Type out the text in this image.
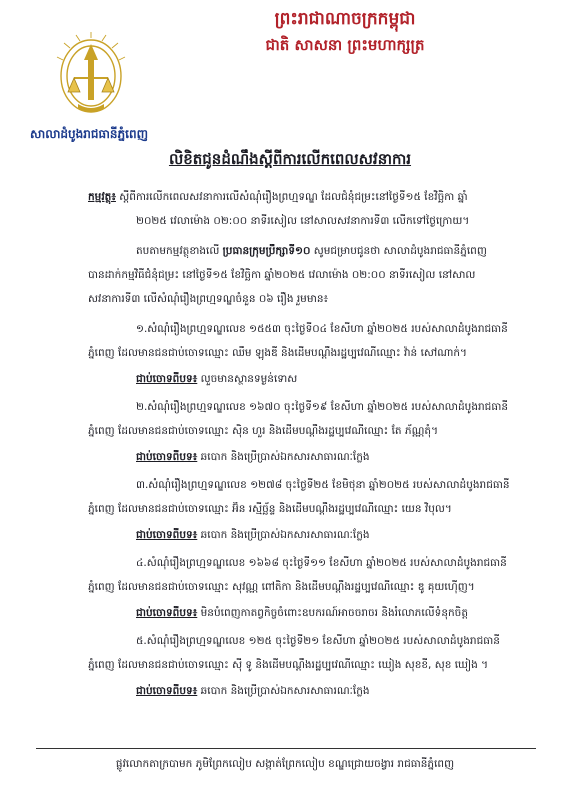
ព្រះរាជាណាចក្រកម្ពុជា
ជាតិ សាសនា ព្រះមហាក្សត្រ
សាលាដំបូងរាជធានីភ្នំពេញ
លិខិតជូនដំណឹងស្តីពីការលើកពេលសវនាការ
កម្មវត្ថុ៖ ស្តីពីការលើកពេលសវនាការលើសំណុំរឿងព្រហ្មទណ្ឌ ដែលជំនុំជម្រះនៅថ្ងៃទី១៥ ខែវិច្ឆិកា ឆ្នាំ
២០២៥ វេលាម៉ោង ០២:០០ នាទីរសៀល នៅសាលសវនាការទី៣ លើកទៅថ្ងៃក្រោយ។
តបតាមកម្មវត្ថុខាងលើ ប្រធានក្រុមប្រឹក្សាទី១០ សូមជម្រាបជូនថា សាលាដំបូងរាជធានីភ្នំពេញ
បានដាក់កម្មវិធីជំនុំជម្រះ នៅថ្ងៃទី១៥ ខែវិច្ឆិកា ឆ្នាំ២០២៥ វេលាម៉ោង ០២:០០ នាទីរសៀល នៅសាល
សវនាការទី៣ លើសំណុំរឿងព្រហ្មទណ្ឌចំនួន ០៦ រឿង រួមមាន៖
១.សំណុំរឿងព្រហ្មទណ្ឌលេខ ១៥៥៣ ចុះថ្ងៃទី០៤ ខែសីហា ឆ្នាំ២០២៥ របស់សាលាដំបូងរាជធានី
ភ្នំពេញ ដែលមានជនជាប់ចោទឈ្មោះ ឈឹម ឡុងឌី និងដើមបណ្តឹងរដ្ឋប្បវេណីឈ្មោះ វ៉ាន់ សៅណាក់។
ជាប់ចោទពីបទ៖ លួចមានស្ថានទម្ងន់ទោស
២.សំណុំរឿងព្រហ្មទណ្ឌលេខ ១៦៧០ ចុះថ្ងៃទី១៩ ខែសីហា ឆ្នាំ២០២៥ របស់សាលាដំបូងរាជធានី
ភ្នំពេញ ដែលមានជនជាប់ចោទឈ្មោះ ស៊ិន ហួរ និងដើមបណ្តឹងរដ្ឋប្បវេណីឈ្មោះ តែ ភ័ណ្ណតុំ។
ជាប់ចោទពីបទ៖ ឆបោក និងប្រើប្រាស់ឯកសារសាធារណៈក្លែង
៣.សំណុំរឿងព្រហ្មទណ្ឌលេខ ១២៧៨ ចុះថ្ងៃទី២៥ ខែមិថុនា ឆ្នាំ២០២៥ របស់សាលាដំបូងរាជធានី
ភ្នំពេញ ដែលមានជនជាប់ចោទឈ្មោះ អ៊ិន រស្មីច្ឆ័ន្ទ និងដើមបណ្តឹងរដ្ឋប្បវេណីឈ្មោះ យេន វិបុល។
ជាប់ចោទពីបទ៖ ឆបោក និងប្រើប្រាស់ឯកសារសាធារណៈក្លែង
៤.សំណុំរឿងព្រហ្មទណ្ឌលេខ ១៦៦៨ ចុះថ្ងៃទី១១ ខែសីហា ឆ្នាំ២០២៥ របស់សាលាដំបូងរាជធានី
ភ្នំពេញ ដែលមានជនជាប់ចោទឈ្មោះ សុវណ្ណ ពៅតិកា និងដើមបណ្តឹងរដ្ឋប្បវេណីឈ្មោះ ឌូ គុយហ៊ើញ។
ជាប់ចោទពីបទ៖ មិនបំពេញកាតព្វកិច្ចចំពោះឧបករណ៍អាចចរាចរ និងរំលោភលើទំនុកចិត្ត
៥.សំណុំរឿងព្រហ្មទណ្ឌលេខ ១២៥ ចុះថ្ងៃទី២១ ខែសីហា ឆ្នាំ២០២៥ របស់សាលាដំបូងរាជធានី
ភ្នំពេញ ដែលមានជនជាប់ចោទឈ្មោះ ស៊ី ទូ និងដើមបណ្តឹងរដ្ឋប្បវេណីឈ្មោះ ឃៀង សុខខី, សុខ ឃៀង ។
ជាប់ចោទពីបទ៖ ឆបោក និងប្រើប្រាស់ឯកសារសាធារណៈក្លែង
ផ្លូវលោកតាក្របាមក ភូមិព្រែកលៀប សង្កាត់ព្រែកលៀប ខណ្ឌជ្រោយចង្វារ រាជធានីភ្នំពេញ
